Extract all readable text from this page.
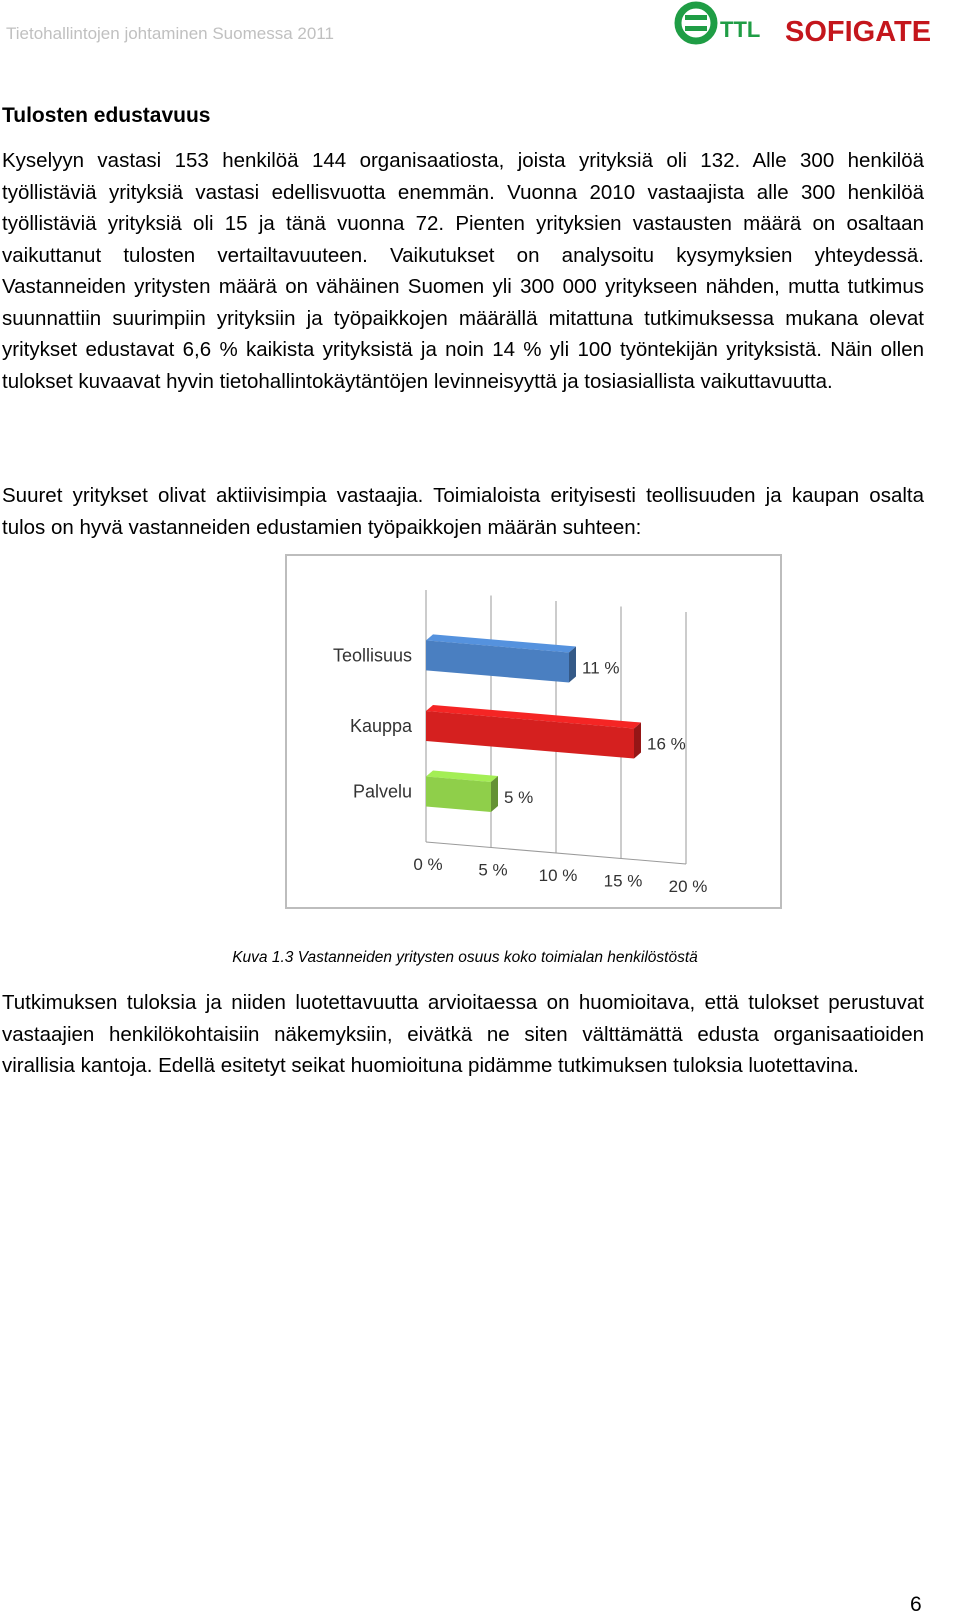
Tietohallintojen johtaminen Suomessa 2011	TTL SOFIGATE
Tulosten edustavuus

Kyselyyn vastasi 153 henkilöä 144 organisaatiosta, joista yrityksiä oli 132. Alle 300 henkilöä työllistäviä yrityksiä vastasi edellisvuotta enemmän. Vuonna 2010 vastaajista alle 300 henkilöä työllistäviä yrityksiä oli 15 ja tänä vuonna 72. Pienten yrityksien vastausten määrä on osaltaan vaikuttanut tulosten vertailtavuuteen. Vaikutukset on analysoitu kysymyksien yhteydessä. Vastanneiden yritysten määrä on vähäinen Suomen yli 300 000 yritykseen nähden, mutta tutkimus suunnattiin suurimpiin yrityksiin ja työpaikkojen määrällä mitattuna tutkimuksessa mukana olevat yritykset edustavat 6,6 % kaikista yrityksistä ja noin 14 % yli 100 työntekijän yrityksistä. Näin ollen tulokset kuvaavat hyvin tietohallintokäytäntöjen levinneisyyttä ja tosiasiallista vaikuttavuutta.

Suuret yritykset olivat aktiivisimpia vastaajia. Toimialoista erityisesti teollisuuden ja kaupan osalta tulos on hyvä vastanneiden edustamien työpaikkojen määrän suhteen:

0 % 5 % 10 % 15 % 20 %
Teollisuus
11 %
Kauppa
16 %
Palvelu	5 %
Kuva 1.3 Vastanneiden yritysten osuus koko toimialan henkilöstöstä

Tutkimuksen tuloksia ja niiden luotettavuutta arvioitaessa on huomioitava, että tulokset perustuvat vastaajien henkilökohtaisiin näkemyksiin, eivätkä ne siten välttämättä edusta organisaatioiden virallisia kantoja. Edellä esitetyt seikat huomioituna pidämme tutkimuksen tuloksia luotettavina.

6
